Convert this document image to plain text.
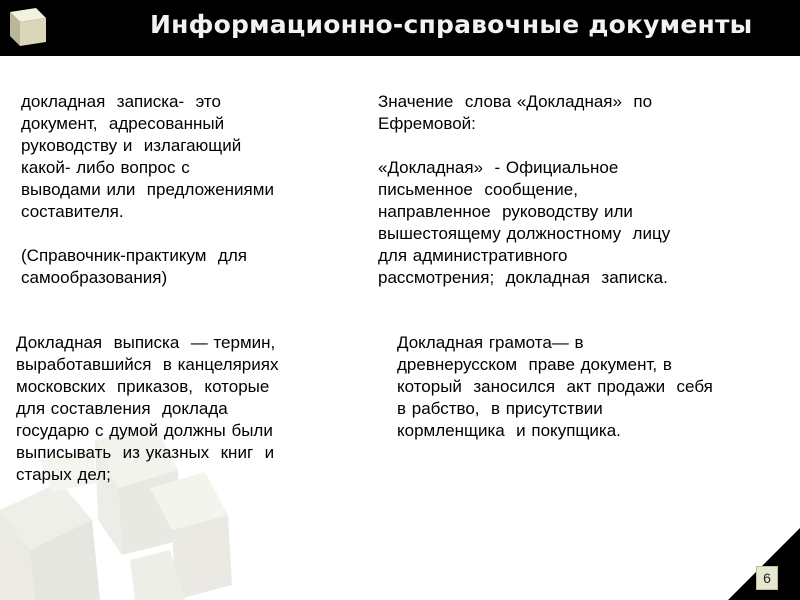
Информационно-справочные документы
докладная  записка-  это
документ,  адресованный
руководству и  излагающий
какой- либо вопрос с
выводами или  предложениями
составителя.

(Справочник-практикум  для
самообразования)
Значение  слова «Докладная»  по
Ефремовой:

«Докладная»  - Официальное
письменное  сообщение,
направленное  руководству или
вышестоящему должностному  лицу
для административного
рассмотрения;  докладная  записка.
Докладная  выписка  — термин,
выработавшийся  в канцеляриях
московских  приказов,  которые
для составления  доклада
государю с думой должны были
выписывать  из указных  книг  и
старых дел;
Докладная грамота— в
древнерусском  праве документ, в
который  заносился  акт продажи  себя
в рабство,  в присутствии
кормленщика  и покупщика.
6
